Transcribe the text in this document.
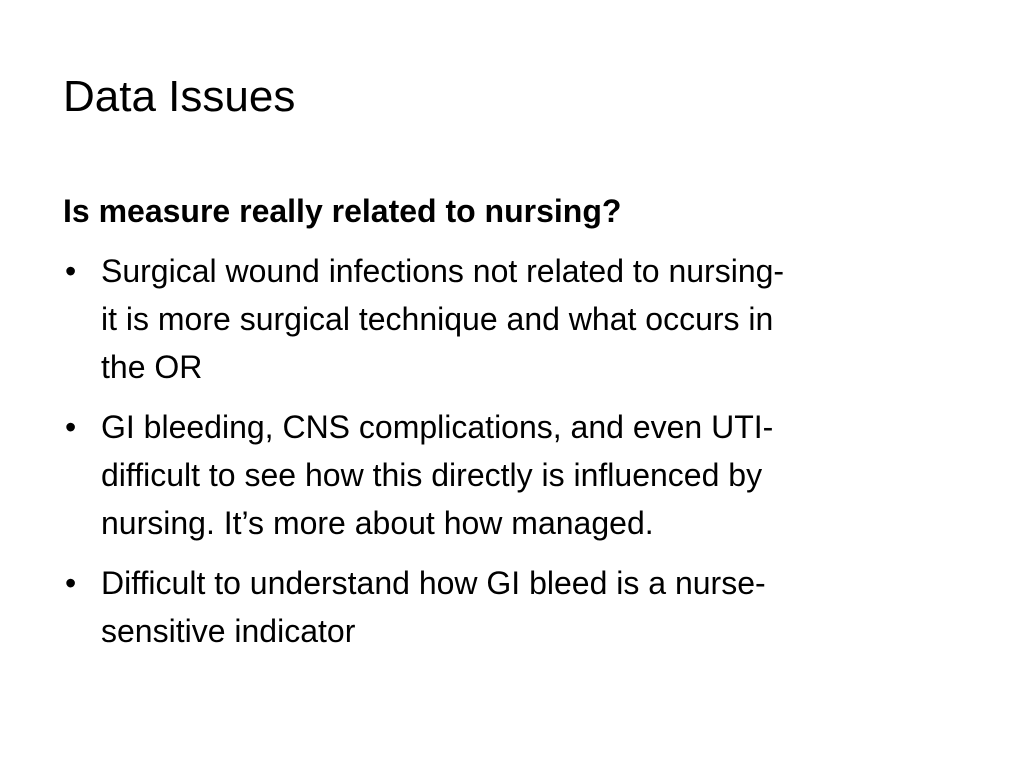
Data Issues

Is measure really related to nursing?

• Surgical wound infections not related to nursing-
it is more surgical technique and what occurs in
the OR
• GI bleeding, CNS complications, and even UTI-
difficult to see how this directly is influenced by
nursing. It’s more about how managed.
• Difficult to understand how GI bleed is a nurse-
sensitive indicator
